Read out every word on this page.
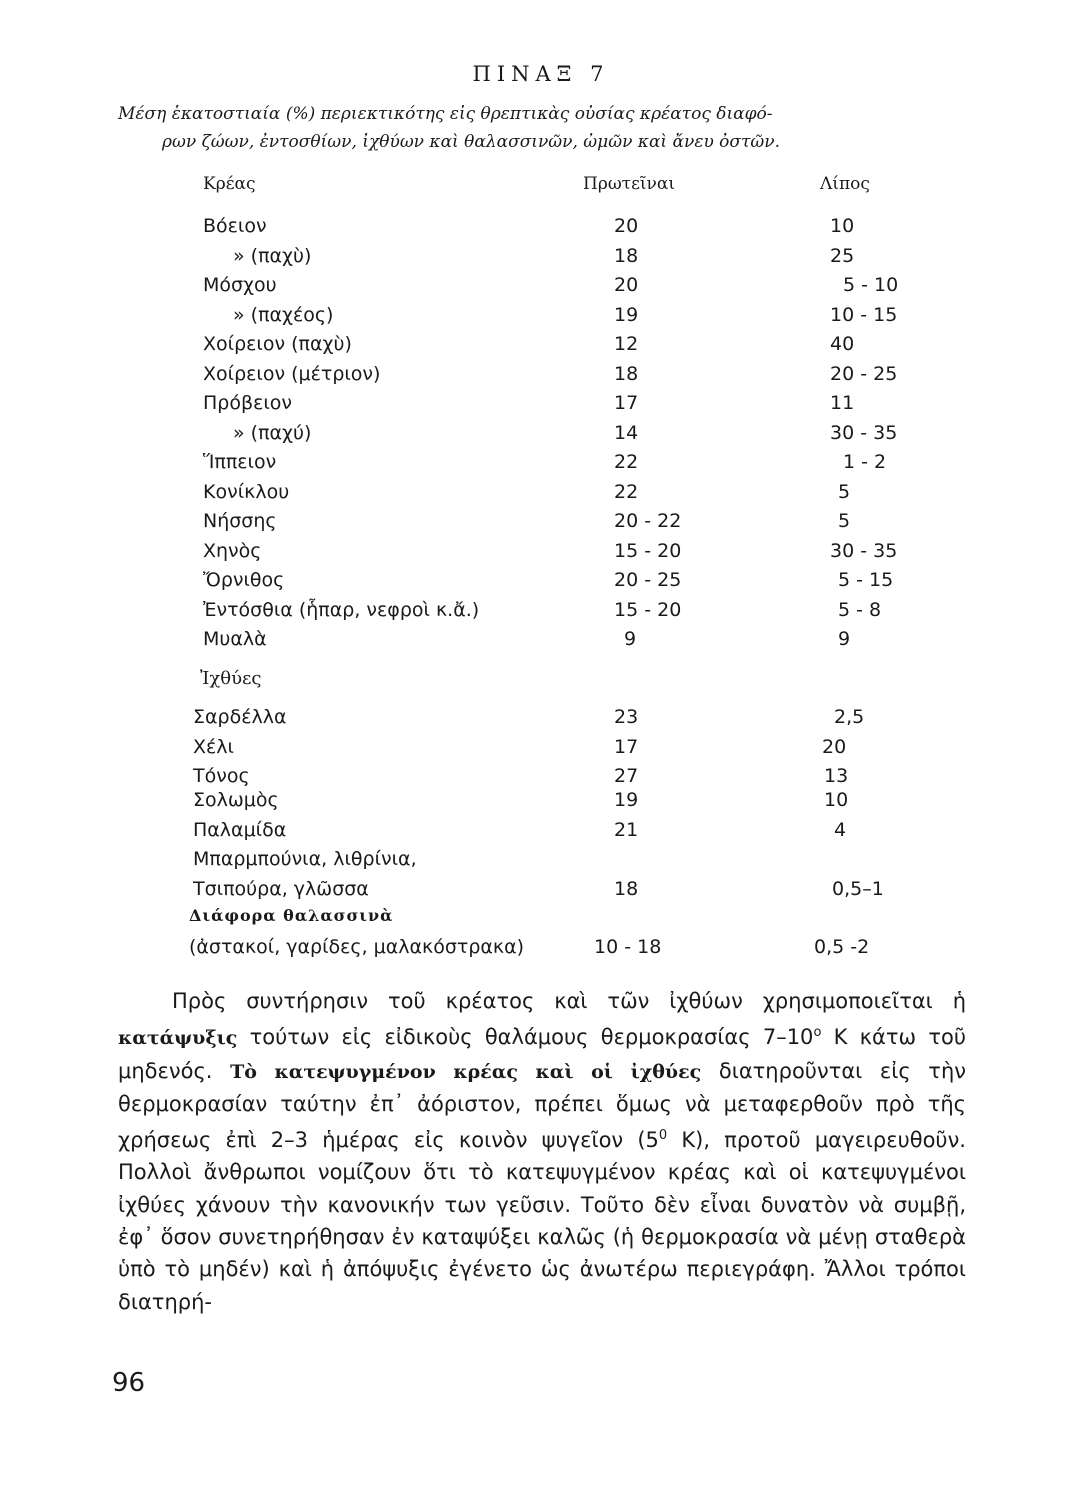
ΠΙΝΑΞ 7
Μέση ἑκατοστιαία (%) περιεκτικότης εἰς θρεπτικὰς οὐσίας κρέατος διαφό-
ρων ζώων, ἐντοσθίων, ἰχθύων καὶ θαλασσινῶν, ὠμῶν καὶ ἄνευ ὀστῶν.
Κρέας	Πρωτεῖναι	Λίπος
Βόειον	20	10
» (παχὺ)	18	25
Μόσχου	20	5 - 10
» (παχέος)	19	10 - 15
Χοίρειον (παχὺ)	12	40
Χοίρειον (μέτριον)	18	20 - 25
Πρόβειον	17	11
» (παχύ)	14	30 - 35
Ἵππειον	22	1 - 2
Κονίκλου	22	5
Νήσσης	20 - 22	5
Χηνὸς	15 - 20	30 - 35
Ὄρνιθος	20 - 25	5 - 15
Ἐντόσθια (ἧπαρ, νεφροὶ κ.ἄ.)	15 - 20	5 - 8
Μυαλὰ	9	9
Ἰχθύες
Σαρδέλλα	23	2,5
Χέλι	17	20
Τόνος	27	13
Σολωμὸς	19	10
Παλαμίδα	21	4
Μπαρμπούνια, λιθρίνια,
Τσιπούρα, γλῶσσα	18	0,5–1
Διάφορα θαλασσινὰ
(ἀστακοί, γαρίδες, μαλακόστρακα)	10 - 18	0,5 -2

Πρὸς συντήρησιν τοῦ κρέατος καὶ τῶν ἰχθύων χρησιμοποιεῖται ἡ κατάψυξις τούτων εἰς εἰδικοὺς θαλάμους θερμοκρασίας $7-10^o$ Κ κάτω τοῦ μηδενός. Τὸ κατεψυγμένον κρέας καὶ οἱ ἰχθύες διατηροῦνται εἰς τὴν θερμοκρασίαν ταύτην ἐπ᾽ ἀόριστον, πρέπει ὅμως νὰ μεταφερθοῦν πρὸ τῆς χρήσεως ἐπὶ 2–3 ἡμέρας εἰς κοινὸν ψυγεῖον ($5^0$ Κ), προτοῦ μαγειρευθοῦν. Πολλοὶ ἄνθρωποι νομίζουν ὅτι τὸ κατεψυγμένον κρέας καὶ οἱ κατεψυγμένοι ἰχθύες χάνουν τὴν κανονικήν των γεῦσιν. Τοῦτο δὲν εἶναι δυνατὸν νὰ συμβῇ, ἐφ᾽ ὅσον συνετηρήθησαν ἐν καταψύξει καλῶς (ἡ θερμοκρασία νὰ μένῃ σταθερὰ ὑπὸ τὸ μηδέν) καὶ ἡ ἀπόψυξις ἐγένετο ὡς ἀνωτέρω περιεγράφη. Ἄλλοι τρόποι διατηρή-

96
